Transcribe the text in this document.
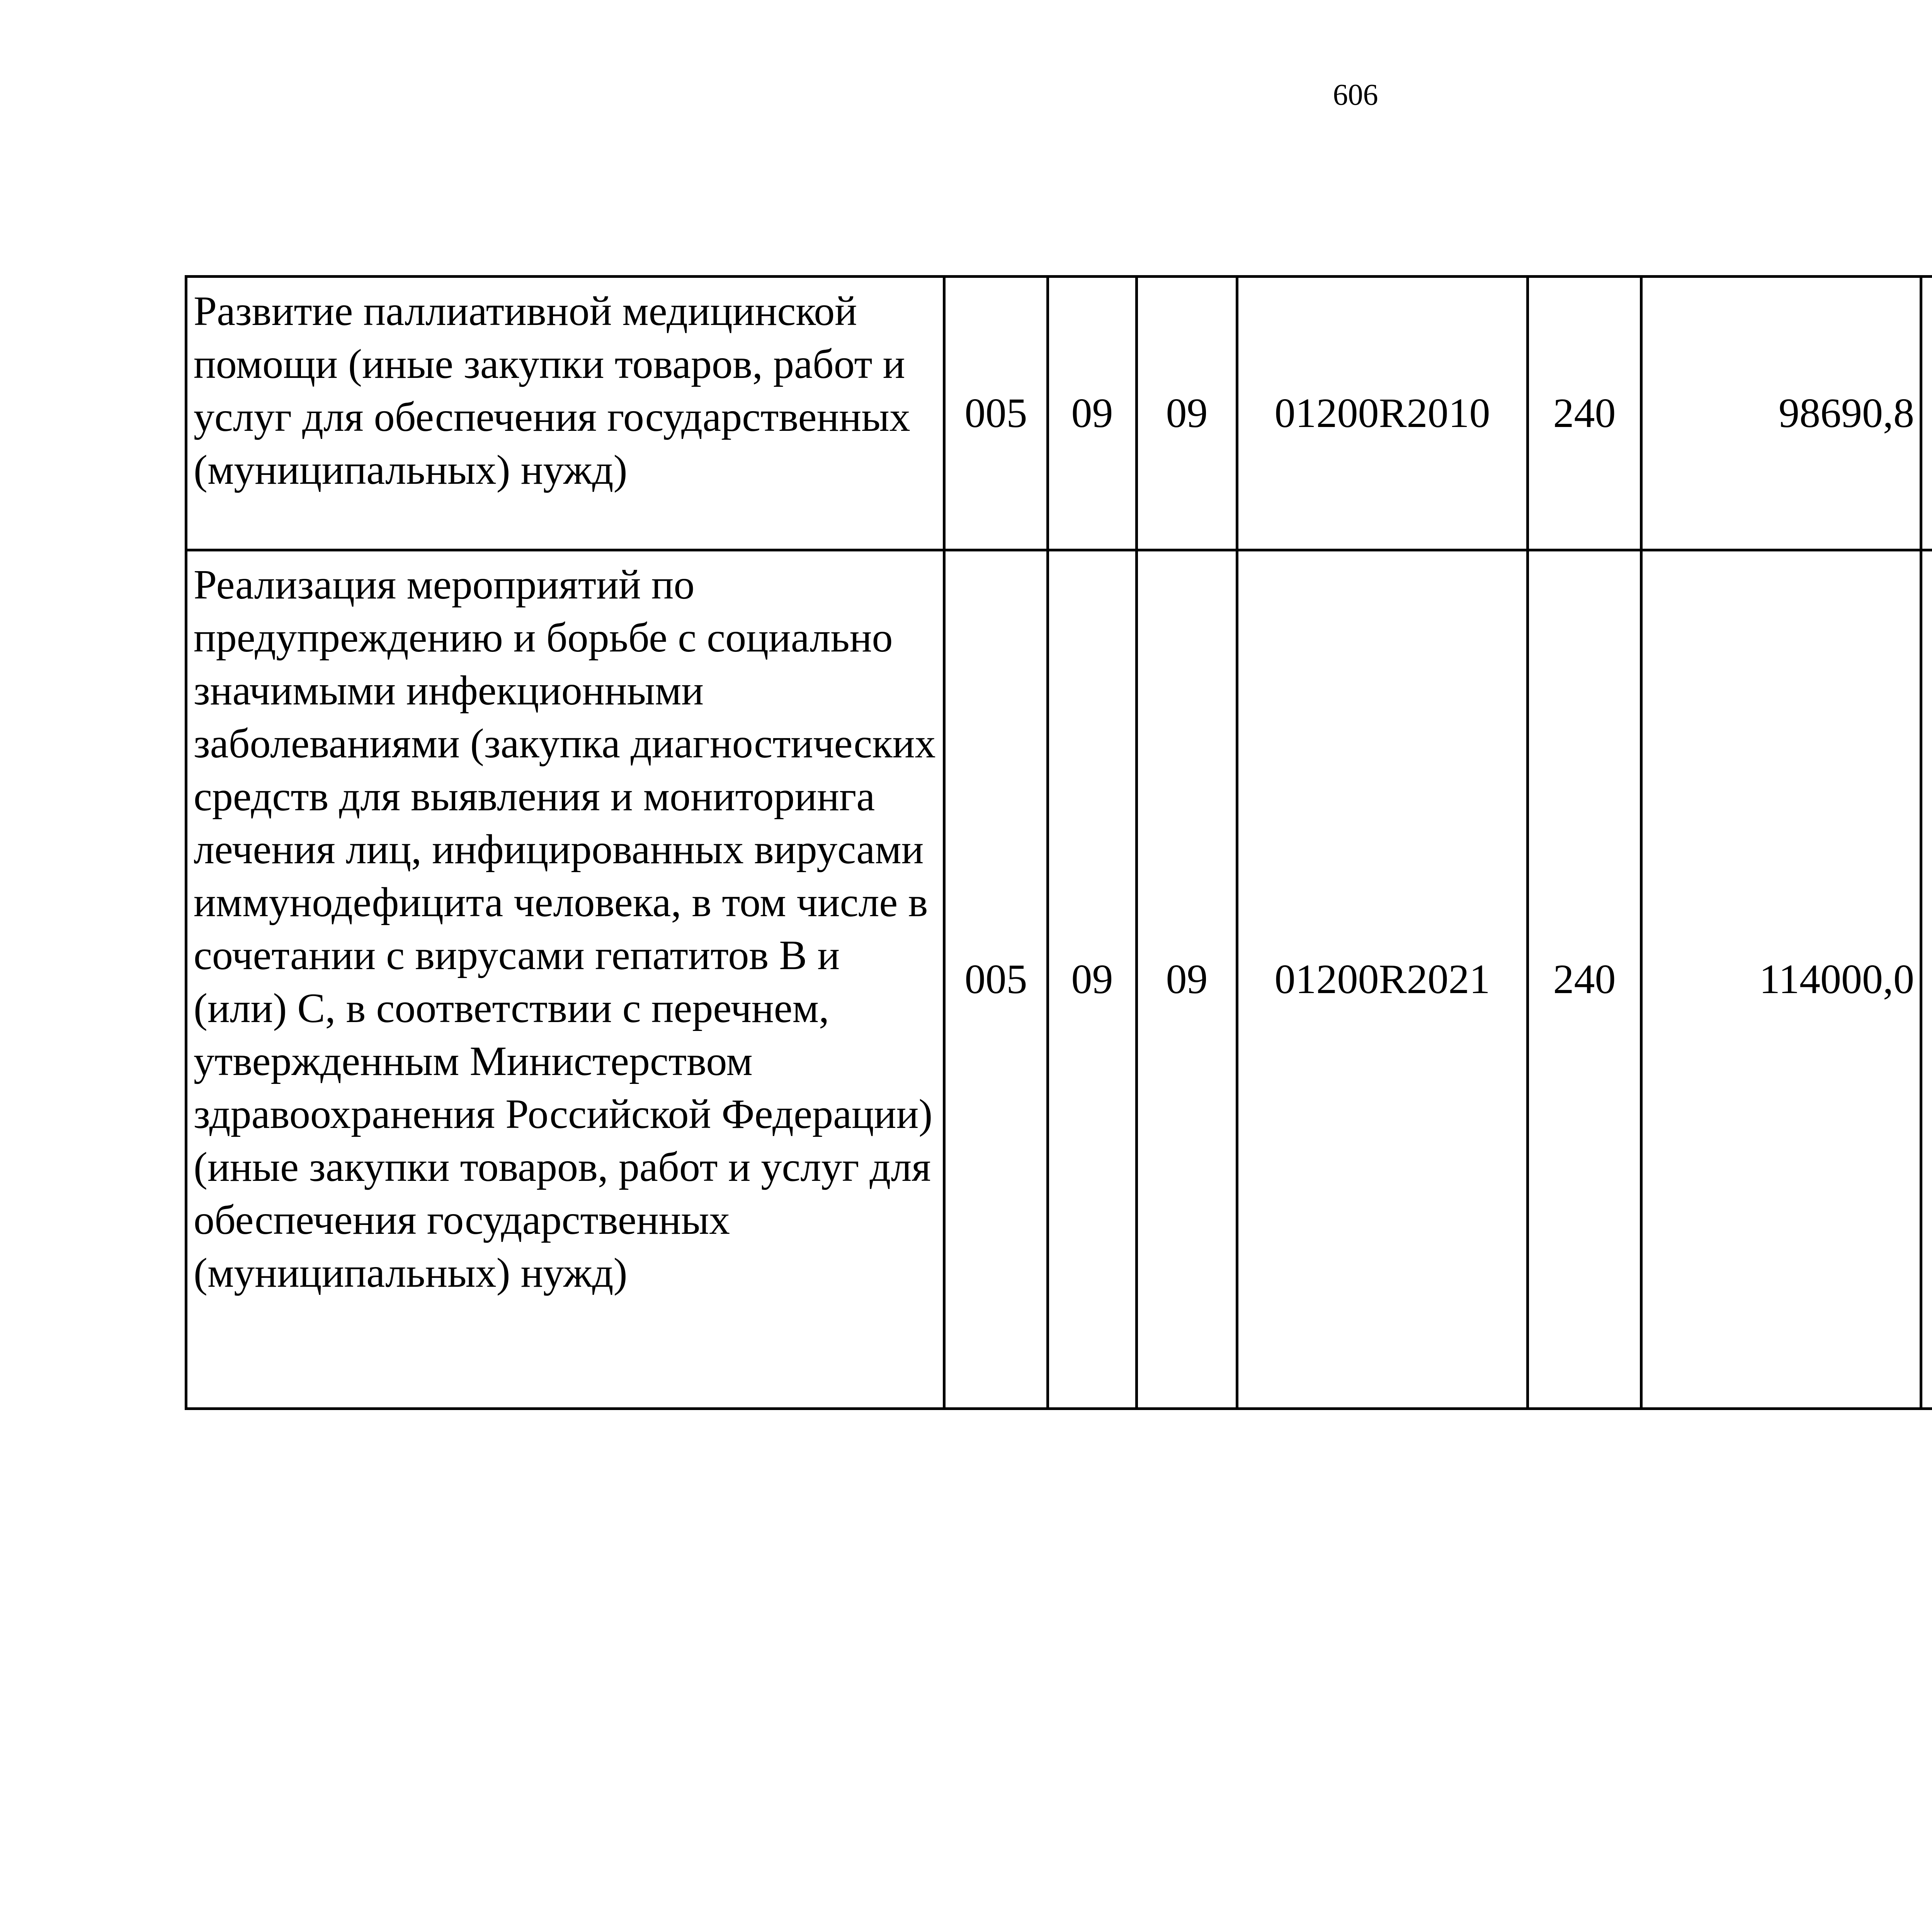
606
Развитие паллиативной медицинской помощи (иные закупки товаров, работ и услуг для обеспечения государственных (муниципальных) нужд)	005	09	09	01200R2010	240	98690,8		
Реализация мероприятий по предупреждению и борьбе с социально значимыми инфекционными заболеваниями (закупка диагностических средств для выявления и мониторинга лечения лиц, инфицированных вирусами иммунодефицита человека, в том числе в сочетании с вирусами гепатитов B и (или) C, в соответствии с перечнем, утвержденным Министерством здравоохранения Российской Федерации) (иные закупки товаров, работ и услуг для обеспечения государственных (муниципальных) нужд)	005	09	09	01200R2021	240	114000,0		
